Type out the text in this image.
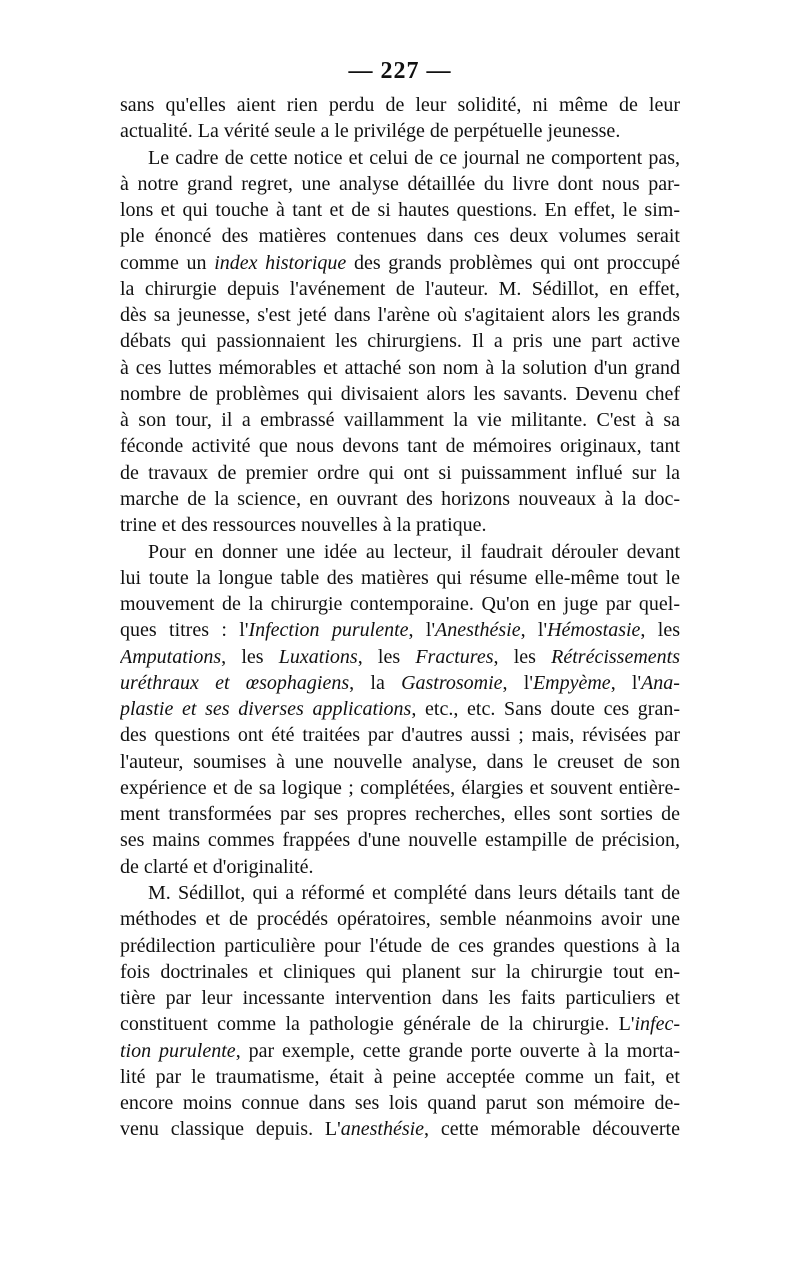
— 227 —
sans qu'elles aient rien perdu de leur solidité, ni même de leur
actualité. La vérité seule a le privilége de perpétuelle jeunesse.
Le cadre de cette notice et celui de ce journal ne comportent pas,
à notre grand regret, une analyse détaillée du livre dont nous par-
lons et qui touche à tant et de si hautes questions. En effet, le sim-
ple énoncé des matières contenues dans ces deux volumes serait
comme un index historique des grands problèmes qui ont proccupé
la chirurgie depuis l'avénement de l'auteur. M. Sédillot, en effet,
dès sa jeunesse, s'est jeté dans l'arène où s'agitaient alors les grands
débats qui passionnaient les chirurgiens. Il a pris une part active
à ces luttes mémorables et attaché son nom à la solution d'un grand
nombre de problèmes qui divisaient alors les savants. Devenu chef
à son tour, il a embrassé vaillamment la vie militante. C'est à sa
féconde activité que nous devons tant de mémoires originaux, tant
de travaux de premier ordre qui ont si puissamment influé sur la
marche de la science, en ouvrant des horizons nouveaux à la doc-
trine et des ressources nouvelles à la pratique.
Pour en donner une idée au lecteur, il faudrait dérouler devant
lui toute la longue table des matières qui résume elle-même tout le
mouvement de la chirurgie contemporaine. Qu'on en juge par quel-
ques titres : l'Infection purulente, l'Anesthésie, l'Hémostasie, les
Amputations, les Luxations, les Fractures, les Rétrécissements
uréthraux et œsophagiens, la Gastrosomie, l'Empyème, l'Ana-
plastie et ses diverses applications, etc., etc. Sans doute ces gran-
des questions ont été traitées par d'autres aussi ; mais, révisées par
l'auteur, soumises à une nouvelle analyse, dans le creuset de son
expérience et de sa logique ; complétées, élargies et souvent entière-
ment transformées par ses propres recherches, elles sont sorties de
ses mains commes frappées d'une nouvelle estampille de précision,
de clarté et d'originalité.
M. Sédillot, qui a réformé et complété dans leurs détails tant de
méthodes et de procédés opératoires, semble néanmoins avoir une
prédilection particulière pour l'étude de ces grandes questions à la
fois doctrinales et cliniques qui planent sur la chirurgie tout en-
tière par leur incessante intervention dans les faits particuliers et
constituent comme la pathologie générale de la chirurgie. L'infec-
tion purulente, par exemple, cette grande porte ouverte à la morta-
lité par le traumatisme, était à peine acceptée comme un fait, et
encore moins connue dans ses lois quand parut son mémoire de-
venu classique depuis. L'anesthésie, cette mémorable découverte
